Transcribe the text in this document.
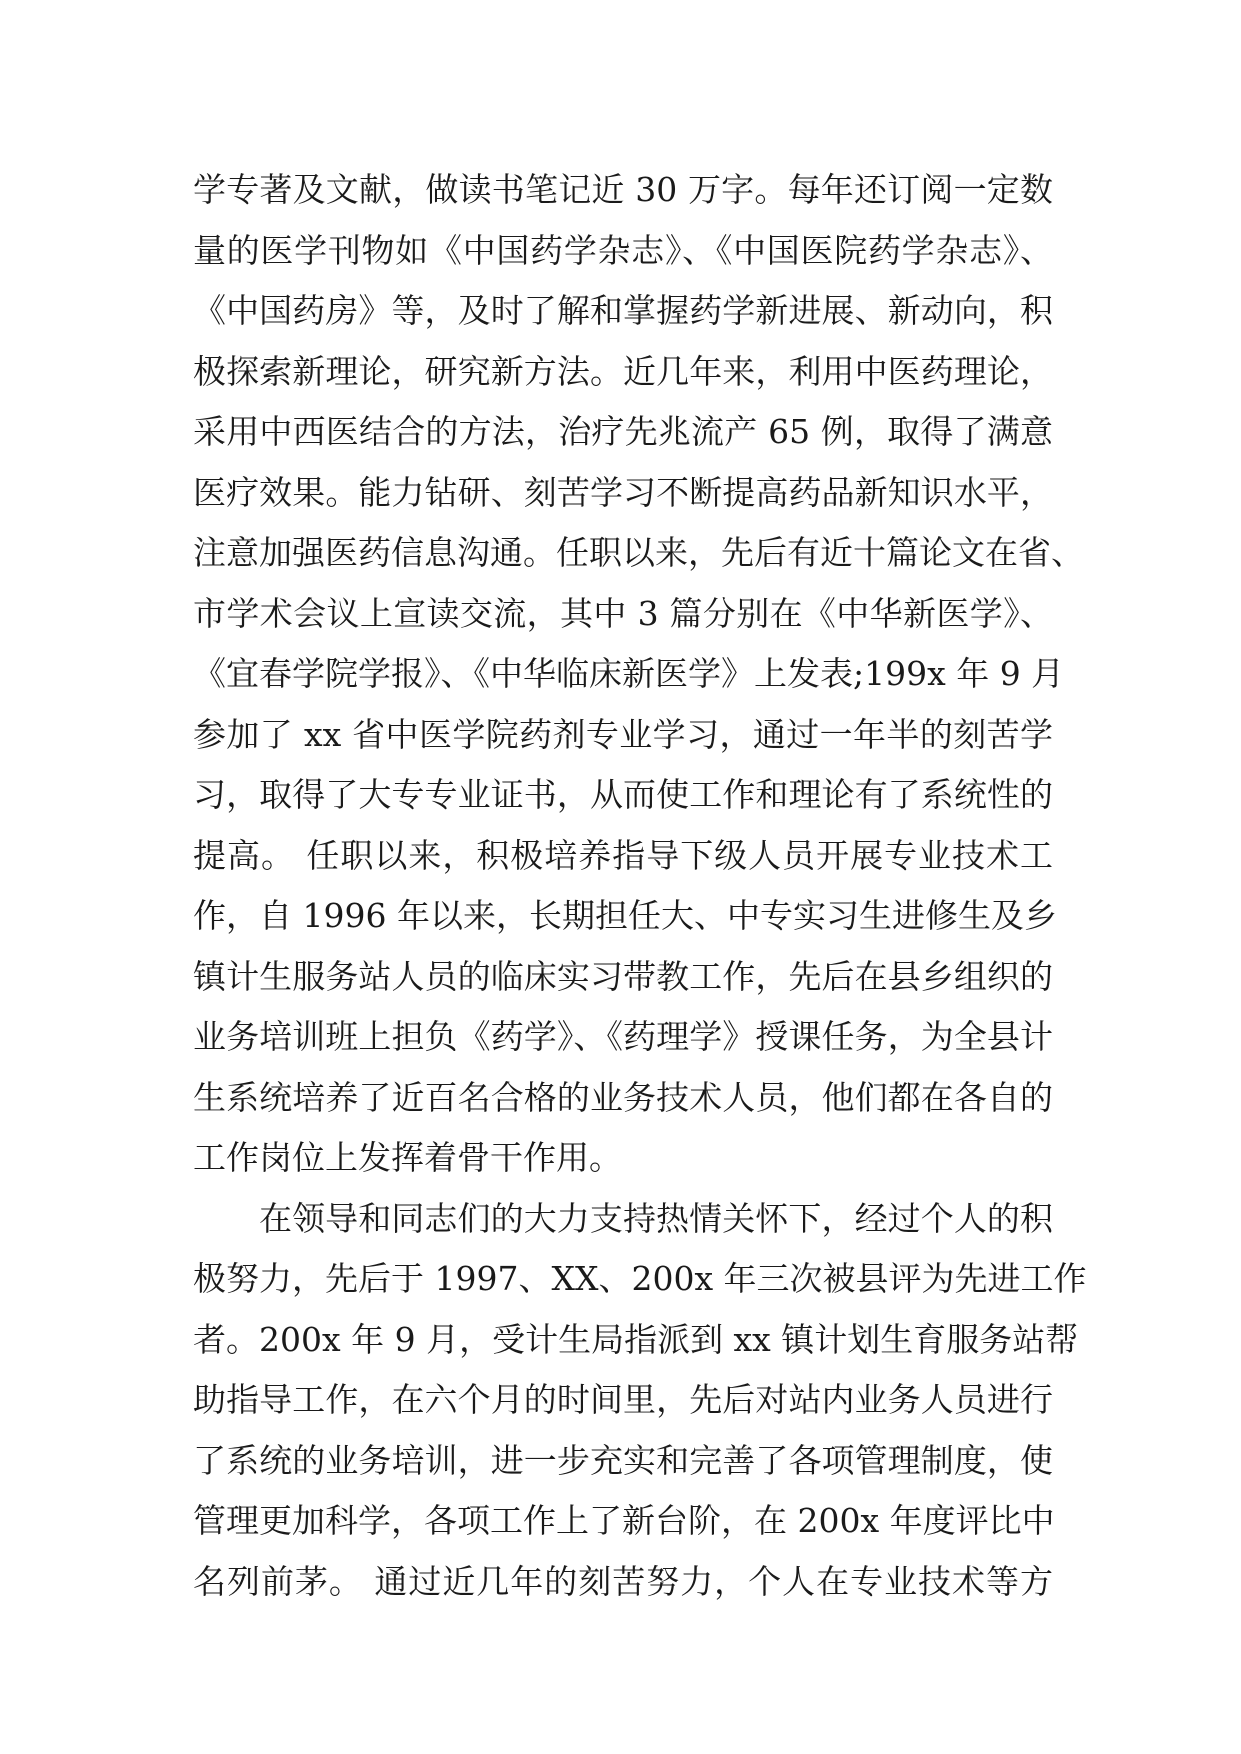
学专著及文献，做读书笔记近 30 万字。每年还订阅一定数
量的医学刊物如《中国药学杂志》、《中国医院药学杂志》、
《中国药房》等，及时了解和掌握药学新进展、新动向，积
极探索新理论，研究新方法。近几年来，利用中医药理论，
采用中西医结合的方法，治疗先兆流产 65 例，取得了满意
医疗效果。能力钻研、刻苦学习不断提高药品新知识水平，
注意加强医药信息沟通。任职以来，先后有近十篇论文在省、
市学术会议上宣读交流，其中 3 篇分别在《中华新医学》、
《宜春学院学报》、《中华临床新医学》上发表;199x 年 9 月
参加了 xx 省中医学院药剂专业学习，通过一年半的刻苦学
习，取得了大专专业证书，从而使工作和理论有了系统性的
提高。 任职以来，积极培养指导下级人员开展专业技术工
作，自 1996 年以来，长期担任大、中专实习生进修生及乡
镇计生服务站人员的临床实习带教工作，先后在县乡组织的
业务培训班上担负《药学》、《药理学》授课任务，为全县计
生系统培养了近百名合格的业务技术人员，他们都在各自的
工作岗位上发挥着骨干作用。
在领导和同志们的大力支持热情关怀下，经过个人的积
极努力，先后于 1997、XX、200x 年三次被县评为先进工作
者。200x 年 9 月，受计生局指派到 xx 镇计划生育服务站帮
助指导工作，在六个月的时间里，先后对站内业务人员进行
了系统的业务培训，进一步充实和完善了各项管理制度，使
管理更加科学，各项工作上了新台阶，在 200x 年度评比中
名列前茅。 通过近几年的刻苦努力，个人在专业技术等方
